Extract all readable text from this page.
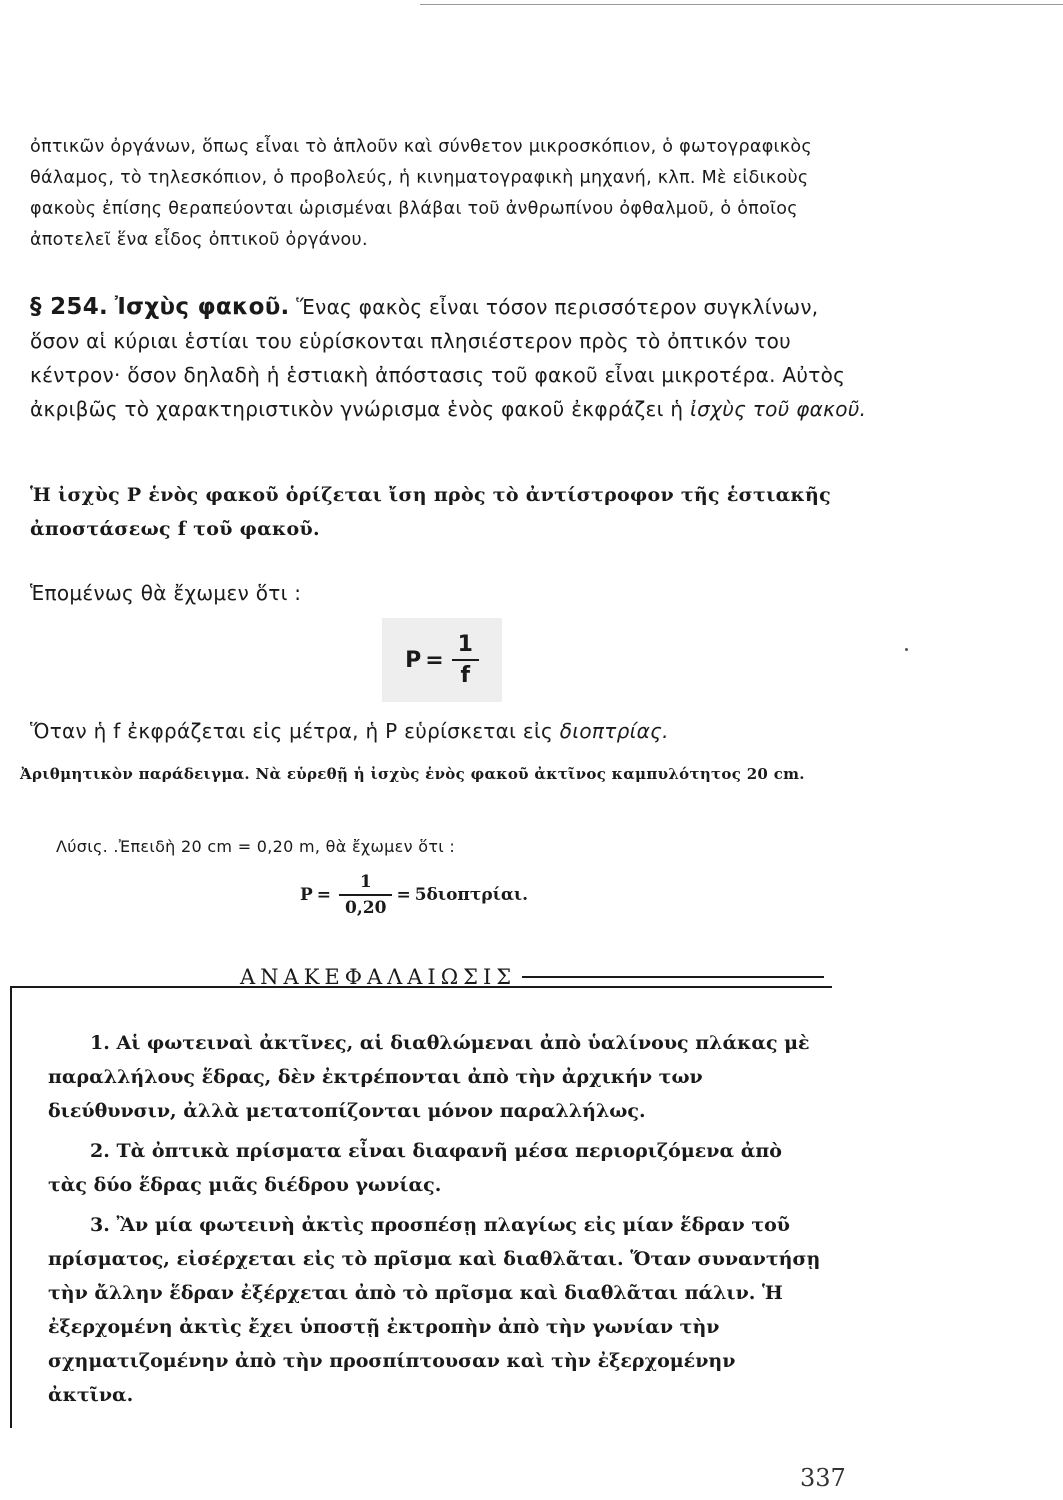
ὀπτικῶν ὀργάνων, ὅπως εἶναι τὸ ἁπλοῦν καὶ σύνθετον μικροσκόπιον, ὁ φωτογραφικὸς θάλαμος, τὸ τηλεσκόπιον, ὁ προβολεύς, ἡ κινηματογραφικὴ μηχανή, κλπ. Μὲ εἰδικοὺς φακοὺς ἐπίσης θεραπεύονται ὡρισμέναι βλάβαι τοῦ ἀνθρωπίνου ὀφθαλμοῦ, ὁ ὁποῖος ἀποτελεῖ ἕνα εἶδος ὀπτικοῦ ὀργάνου.
§ 254. Ἰσχὺς φακοῦ. Ἕνας φακὸς εἶναι τόσον περισσότερον συγκλίνων, ὅσον αἱ κύριαι ἑστίαι του εὑρίσκονται πλησιέστερον πρὸς τὸ ὀπτικόν του κέντρον· ὅσον δηλαδὴ ἡ ἑστιακὴ ἀπόστασις τοῦ φακοῦ εἶναι μικροτέρα. Αὐτὸς ἀκριβῶς τὸ χαρακτηριστικὸν γνώρισμα ἑνὸς φακοῦ ἐκφράζει ἡ ἰσχὺς τοῦ φακοῦ.
Ἡ ἰσχὺς P ἑνὸς φακοῦ ὁρίζεται ἴση πρὸς τὸ ἀντίστροφον τῆς ἑστιακῆς ἀποστάσεως f τοῦ φακοῦ.
Ἑπομένως θὰ ἔχωμεν ὅτι :
$P = \frac{1}{f}$
Ὅταν ἡ f ἐκφράζεται εἰς μέτρα, ἡ P εὑρίσκεται εἰς διοπτρίας.
Ἀριθμητικὸν παράδειγμα. Νὰ εὑρεθῇ ἡ ἰσχὺς ἑνὸς φακοῦ ἀκτῖνος καμπυλότητος 20 cm.
Λύσις. .Ἐπειδὴ 20 cm = 0,20 m, θὰ ἔχωμεν ὅτι :
$P = \frac{1}{0,20} = 5\delta\iota o\pi\tau\rho ί\alpha\iota$.
ΑΝΑΚΕΦΑΛΑΙΩΣΙΣ
1. Αἱ φωτειναὶ ἀκτῖνες, αἱ διαθλώμεναι ἀπὸ ὑαλίνους πλάκας μὲ παραλλήλους ἕδρας, δὲν ἐκτρέπονται ἀπὸ τὴν ἀρχικήν των διεύθυνσιν, ἀλλὰ μετατοπίζονται μόνον παραλλήλως.
2. Τὰ ὀπτικὰ πρίσματα εἶναι διαφανῆ μέσα περιοριζόμενα ἀπὸ τὰς δύο ἕδρας μιᾶς διέδρου γωνίας.
3. Ἂν μία φωτεινὴ ἀκτὶς προσπέσῃ πλαγίως εἰς μίαν ἕδραν τοῦ πρίσματος, εἰσέρχεται εἰς τὸ πρῖσμα καὶ διαθλᾶται. Ὅταν συναντήσῃ τὴν ἄλλην ἕδραν ἐξέρχεται ἀπὸ τὸ πρῖσμα καὶ διαθλᾶται πάλιν. Ἡ ἐξερχομένη ἀκτὶς ἔχει ὑποστῇ ἐκτροπὴν ἀπὸ τὴν γωνίαν τὴν σχηματιζομένην ἀπὸ τὴν προσπίπτουσαν καὶ τὴν ἐξερχομένην ἀκτῖνα.
337
